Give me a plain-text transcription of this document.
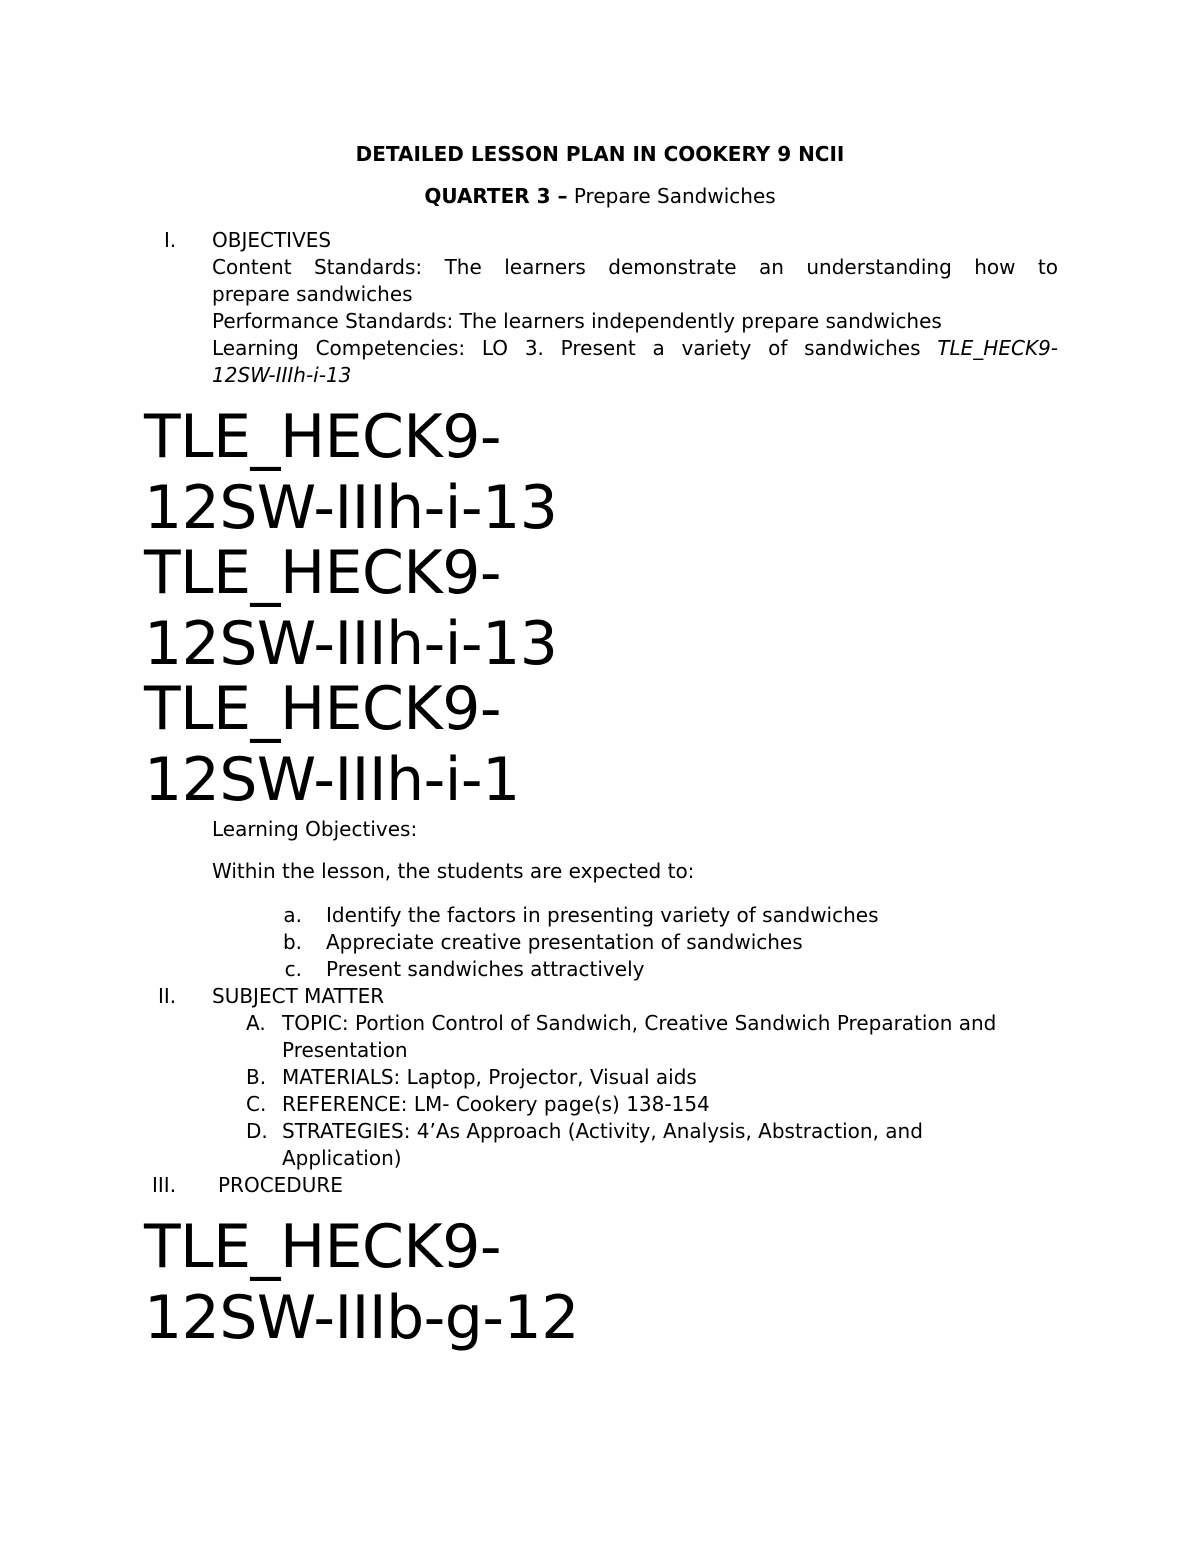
DETAILED LESSON PLAN IN COOKERY 9 NCII
QUARTER 3 – Prepare Sandwiches
I. OBJECTIVES
Content Standards: The learners demonstrate an understanding how to
prepare sandwiches
Performance Standards: The learners independently prepare sandwiches
Learning Competencies: LO 3. Present a variety of sandwiches TLE_HECK9-
12SW-IIIh-i-13
TLE_HECK9-
12SW-IIIh-i-13
TLE_HECK9-
12SW-IIIh-i-13
TLE_HECK9-
12SW-IIIh-i-1
Learning Objectives:
Within the lesson, the students are expected to:
a. Identify the factors in presenting variety of sandwiches
b. Appreciate creative presentation of sandwiches
c. Present sandwiches attractively
II. SUBJECT MATTER
A. TOPIC: Portion Control of Sandwich, Creative Sandwich Preparation and
Presentation
B. MATERIALS: Laptop, Projector, Visual aids
C. REFERENCE: LM- Cookery page(s) 138-154
D. STRATEGIES: 4’As Approach (Activity, Analysis, Abstraction, and
Application)
III. PROCEDURE
TLE_HECK9-
12SW-IIIb-g-12
